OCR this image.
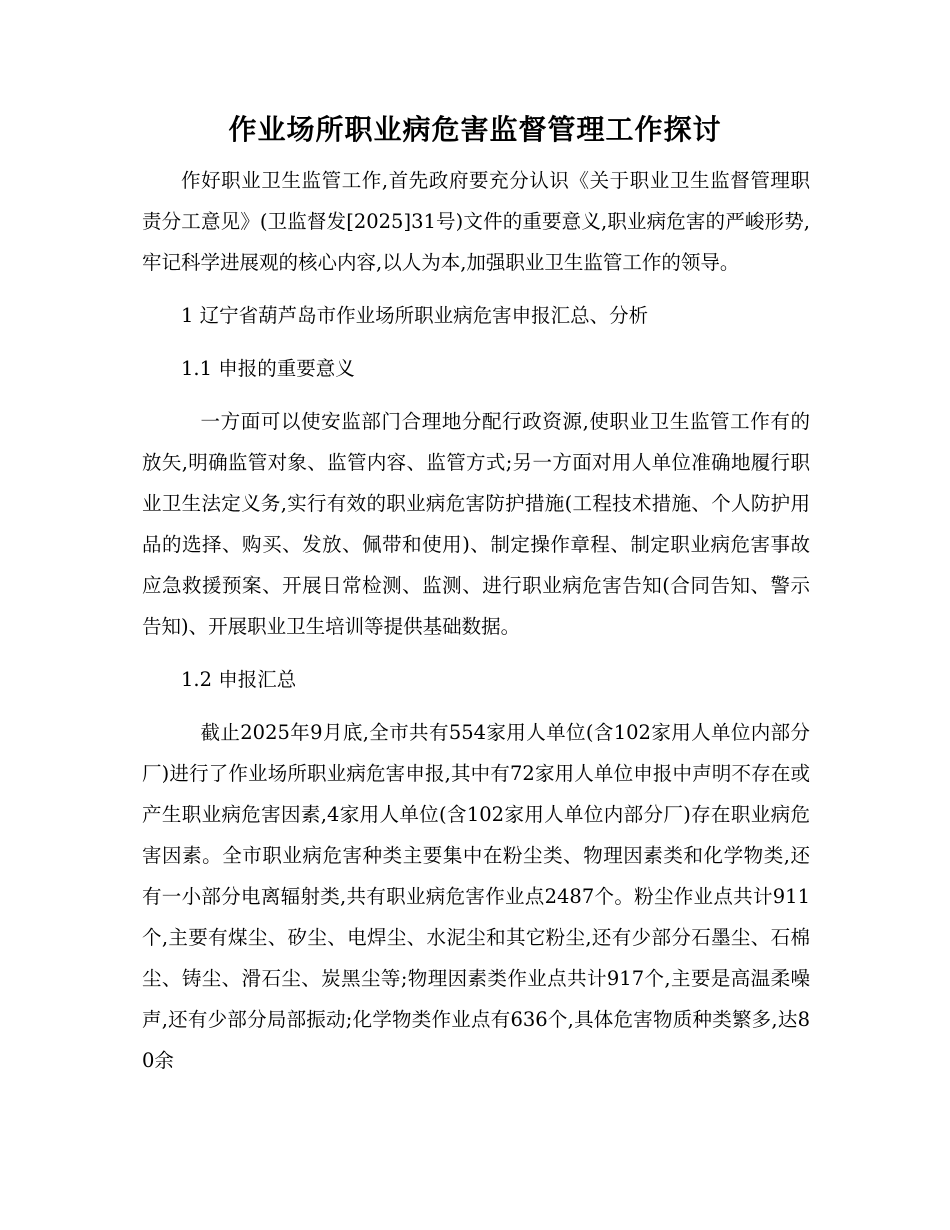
作业场所职业病危害监督管理工作探讨

作好职业卫生监管工作,首先政府要充分认识《关于职业卫生监督管理职责分工意见》(卫监督发[2025]31号)文件的重要意义,职业病危害的严峻形势,牢记科学进展观的核心内容,以人为本,加强职业卫生监管工作的领导。

1 辽宁省葫芦岛市作业场所职业病危害申报汇总、分析

1.1 申报的重要意义

一方面可以使安监部门合理地分配行政资源,使职业卫生监管工作有的放矢,明确监管对象、监管内容、监管方式;另一方面对用人单位准确地履行职业卫生法定义务,实行有效的职业病危害防护措施(工程技术措施、个人防护用品的选择、购买、发放、佩带和使用)、制定操作章程、制定职业病危害事故应急救援预案、开展日常检测、监测、进行职业病危害告知(合同告知、警示告知)、开展职业卫生培训等提供基础数据。

1.2 申报汇总

截止2025年9月底,全市共有554家用人单位(含102家用人单位内部分厂)进行了作业场所职业病危害申报,其中有72家用人单位申报中声明不存在或产生职业病危害因素,4家用人单位(含102家用人单位内部分厂)存在职业病危害因素。全市职业病危害种类主要集中在粉尘类、物理因素类和化学物类,还有一小部分电离辐射类,共有职业病危害作业点2487个。粉尘作业点共计911个,主要有煤尘、矽尘、电焊尘、水泥尘和其它粉尘,还有少部分石墨尘、石棉尘、铸尘、滑石尘、炭黑尘等;物理因素类作业点共计917个,主要是高温柔噪声,还有少部分局部振动;化学物类作业点有636个,具体危害物质种类繁多,达80余
